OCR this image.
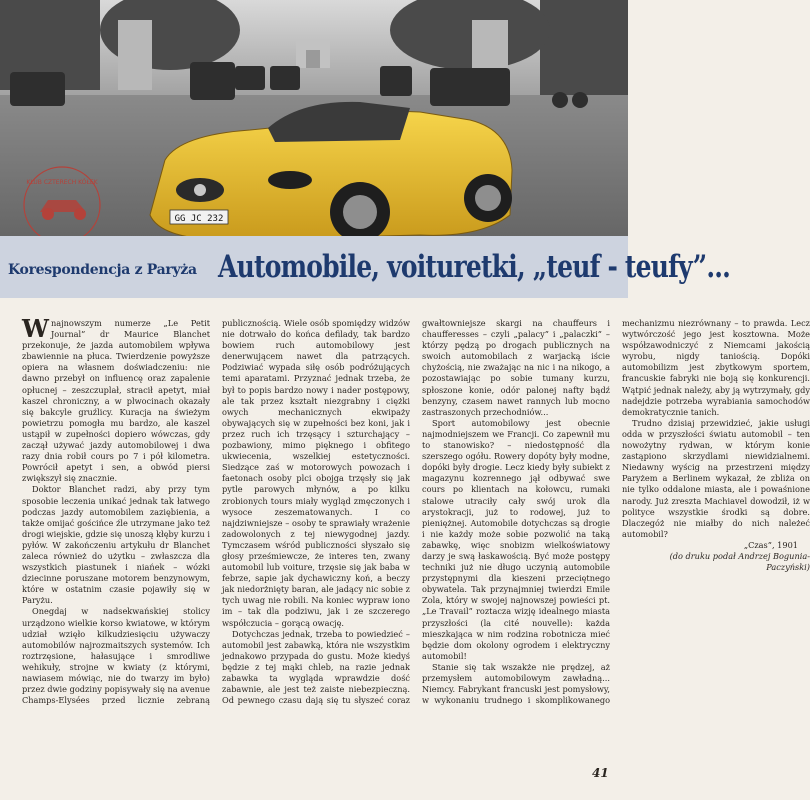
GG JC 232
KLUB CZTERECH KÓŁEK
Korespondencja z Paryża Automobile, voituretki, „teuf - teufy”...

Wnajnowszym numerze „Le Petit Journal” dr Maurice Blanchet przekonuje, że jazda automobilem wpływa zbawiennie na płuca. Twierdzenie powyższe opiera na własnem doświadczeniu: nie dawno przebył on influencę oraz zapalenie opłucnej – zeszczuplał, stracił apetyt, miał kaszel chroniczny, a w plwocinach okazały się bakcyle gruźlicy. Kuracja na świeżym powietrzu pomogła mu bardzo, ale kaszel ustąpił w zupełności dopiero wówczas, gdy zaczął używać jazdy automobilowej i dwa razy dnia robił cours po 7 i pół kilometra. Powrócił apetyt i sen, a obwód piersi zwiększył się znacznie.

Doktor Blanchet radzi, aby przy tym sposobie leczenia unikać jednak tak łatwego podczas jazdy automobilem zaziębienia, a także omijać gościńce źle utrzymane jako też drogi wiejskie, gdzie się unoszą kłęby kurzu i pyłów. W zakończeniu artykułu dr Blanchet zaleca również do użytku – zwłaszcza dla wszystkich piastunek i niańek – wózki dziecinne poruszane motorem benzynowym, które w ostatnim czasie pojawiły się w Paryżu.

Onegdaj w nadsekwańskiej stolicy urządzono wielkie korso kwiatowe, w którym udział wzięło kilkudziesięciu używaczy automobilów najrozmaitszych systemów. Ich roztrzęsione, hałasujące i smrodliwe wehikuły, strojne w kwiaty (z którymi, nawiasem mówiąc, nie do twarzy im było) przez dwie godziny popisywały się na avenue Champs-Elysées przed licznie zebraną publicznością. Wiele osób spomiędzy widzów nie dotrwało do końca defilady, tak bardzo bowiem ruch automobilowy jest denerwującem nawet dla patrzących. Podziwiać wypada siłę osób podróżujących temi aparatami. Przyznać jednak trzeba, że był to popis bardzo nowy i nader postępowy, ale tak przez kształt niezgrabny i ciężki owych mechanicznych ekwipaży obywających się w zupełności bez koni, jak i przez ruch ich trzęsący i szturchający – pozbawiony, mimo pięknego i obfitego ukwiecenia, wszelkiej estetyczności. Siedzące zaś w motorowych powozach i faetonach osoby plci obojga trzęsły się jak pytle parowych młynów, a po kilku zrobionych tours miały wygląd zmęczonych i wysoce zeszematowanych. I co najdziwniejsze – osoby te sprawiały wrażenie zadowolonych z tej niewygodnej jazdy. Tymczasem wśród publiczności słyszało się głosy prześmiewcze, że interes ten, zwany automobil lub voiture, trzęsie się jak baba w febrze, sapie jak dychawiczny koń, a beczy jak niedorżnięty baran, ale jadący nic sobie z tych uwag nie robili. Na koniec wypraw iono im – tak dla podziwu, jak i ze szczerego współczucia – gorącą owację.

Dotychczas jednak, trzeba to powiedzieć – automobil jest zabawką, która nie wszystkim jednakowo przypada do gustu. Może kiedyś będzie z tej mąki chleb, na razie jednak zabawka ta wygląda wprawdzie dość zabawnie, ale jest też zaiste niebezpieczną. Od pewnego czasu dają się tu słyszeć coraz gwałtowniejsze skargi na chauffeurs i chaufferesses – czyli „palacy” i „palaczki” – którzy pędzą po drogach publicznych na swoich automobilach z warjacką iście chyżością, nie zważając na nic i na nikogo, a pozostawiając po sobie tumany kurzu, spłoszone konie, odór palonej nafty bądź benzyny, czasem nawet rannych lub mocno zastraszonych przechodniów...

Sport automobilowy jest obecnie najmodniejszem we Francji. Co zapewnił mu to stanowisko? – niedostępność dla szerszego ogółu. Rowery dopóty były modne, dopóki były drogie. Lecz kiedy były subiekt z magazynu kozrennego jął odbywać swe cours po klientach na kołowcu, rumaki stalowe utraciły cały swój urok dla arystokracji, już to rodowej, już to pieniężnej. Automobile dotychczas są drogie i nie każdy może sobie pozwolić na taką zabawkę, więc snobizm wielkoświatowy darzy je swą łaskawością. Być może postępy techniki już nie długo uczynią automobile przystępnymi dla kieszeni przeciętnego obywatela. Tak przynajmniej twierdzi Emile Zola, który w swojej najnowszej powieści pt. „Le Travail” roztacza wizję idealnego miasta przyszłości (la cité nouvelle): każda mieszkająca w nim rodzina robotnicza mieć będzie dom okolony ogrodem i elektryczny automobil!

Stanie się tak wszakże nie prędzej, aż przemysłem automobilowym zawładną... Niemcy. Fabrykant francuski jest pomysłowy, w wykonaniu trudnego i skomplikowanego mechanizmu niezrównany – to prawda. Lecz wytwórczość jego jest kosztowna. Może współzawodniczyć z Niemcami jakością wyrobu, nigdy taniością. Dopóki automobilizm jest zbytkowym sportem, francuskie fabryki nie boją się konkurencji. Wątpić jednak należy, aby ją wytrzymały, gdy nadejdzie potrzeba wyrabiania samochodów demokratycznie tanich.

Trudno dzisiaj przewidzieć, jakie usługi odda w przyszłości światu automobil – ten nowożytny rydwan, w którym konie zastąpiono skrzydlami niewidzialnemi. Niedawny wyścig na przestrzeni między Paryżem a Berlinem wykazał, że zbliża on nie tylko oddalone miasta, ale i powaśnione narody. Już zreszta Machiavel dowodził, iż w polityce wszystkie środki są dobre. Dlaczegóż nie miałby do nich należeć automobil?

„Czas”, 1901

(do druku podał Andrzej Bogunia-Paczyński)

41
